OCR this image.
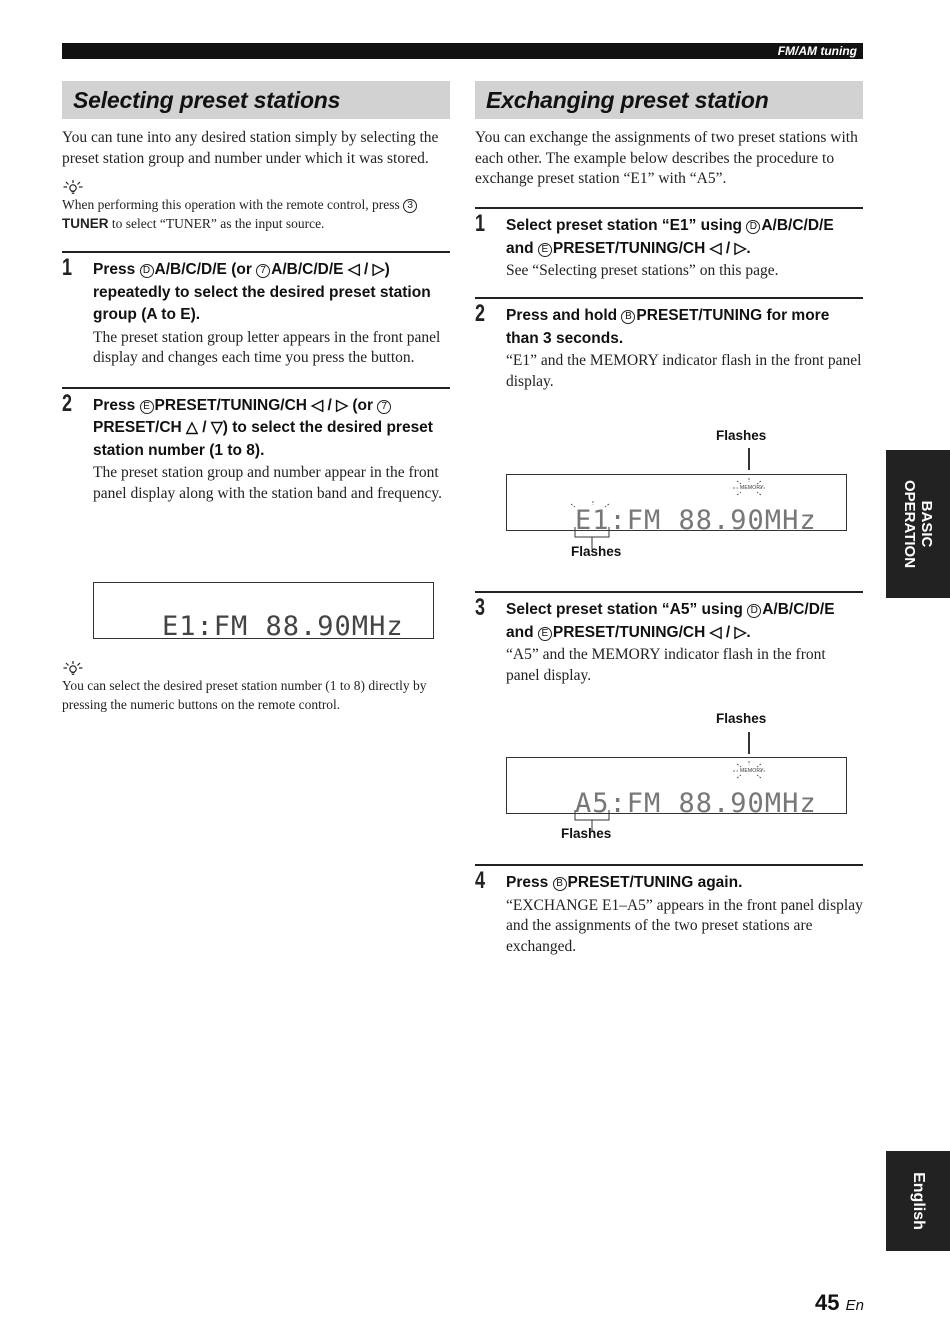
FM/AM tuning
Selecting preset stations

You can tune into any desired station simply by selecting the preset station group and number under which it was stored.

When performing this operation with the remote control, press 3TUNER to select “TUNER” as the input source.

1 Press D A/B/C/D/E (or 7 A/B/C/D/E ◁ / ▷) repeatedly to select the desired preset station group (A to E).

The preset station group letter appears in the front panel display and changes each time you press the button.

2 Press E PRESET/TUNING/CH ◁ / ▷ (or 7PRESET/CH △ / ▽) to select the desired preset station number (1 to 8).

The preset station group and number appear in the front panel display along with the station band and frequency.

E1:FM 88.90MHz

You can select the desired preset station number (1 to 8) directly by pressing the numeric buttons on the remote control.

Exchanging preset station

You can exchange the assignments of two preset stations with each other. The example below describes the procedure to exchange preset station “E1” with “A5”.

1 Select preset station “E1” using D A/B/C/D/E and E PRESET/TUNING/CH ◁ / ▷.

See “Selecting preset stations” on this page.

2 Press and hold B PRESET/TUNING for more than 3 seconds.

“E1” and the MEMORY indicator flash in the front panel display.

Flashes
MEMORY
E1:FM 88.90MHz
Flashes
3 Select preset station “A5” using D A/B/C/D/E and E PRESET/TUNING/CH ◁ / ▷.

“A5” and the MEMORY indicator flash in the front panel display.

Flashes
MEMORY
A5:FM 88.90MHz
Flashes
4 Press B PRESET/TUNING again.

“EXCHANGE E1–A5” appears in the front panel display and the assignments of the two preset stations are exchanged.

BASIC
OPERATION
English
45 En
